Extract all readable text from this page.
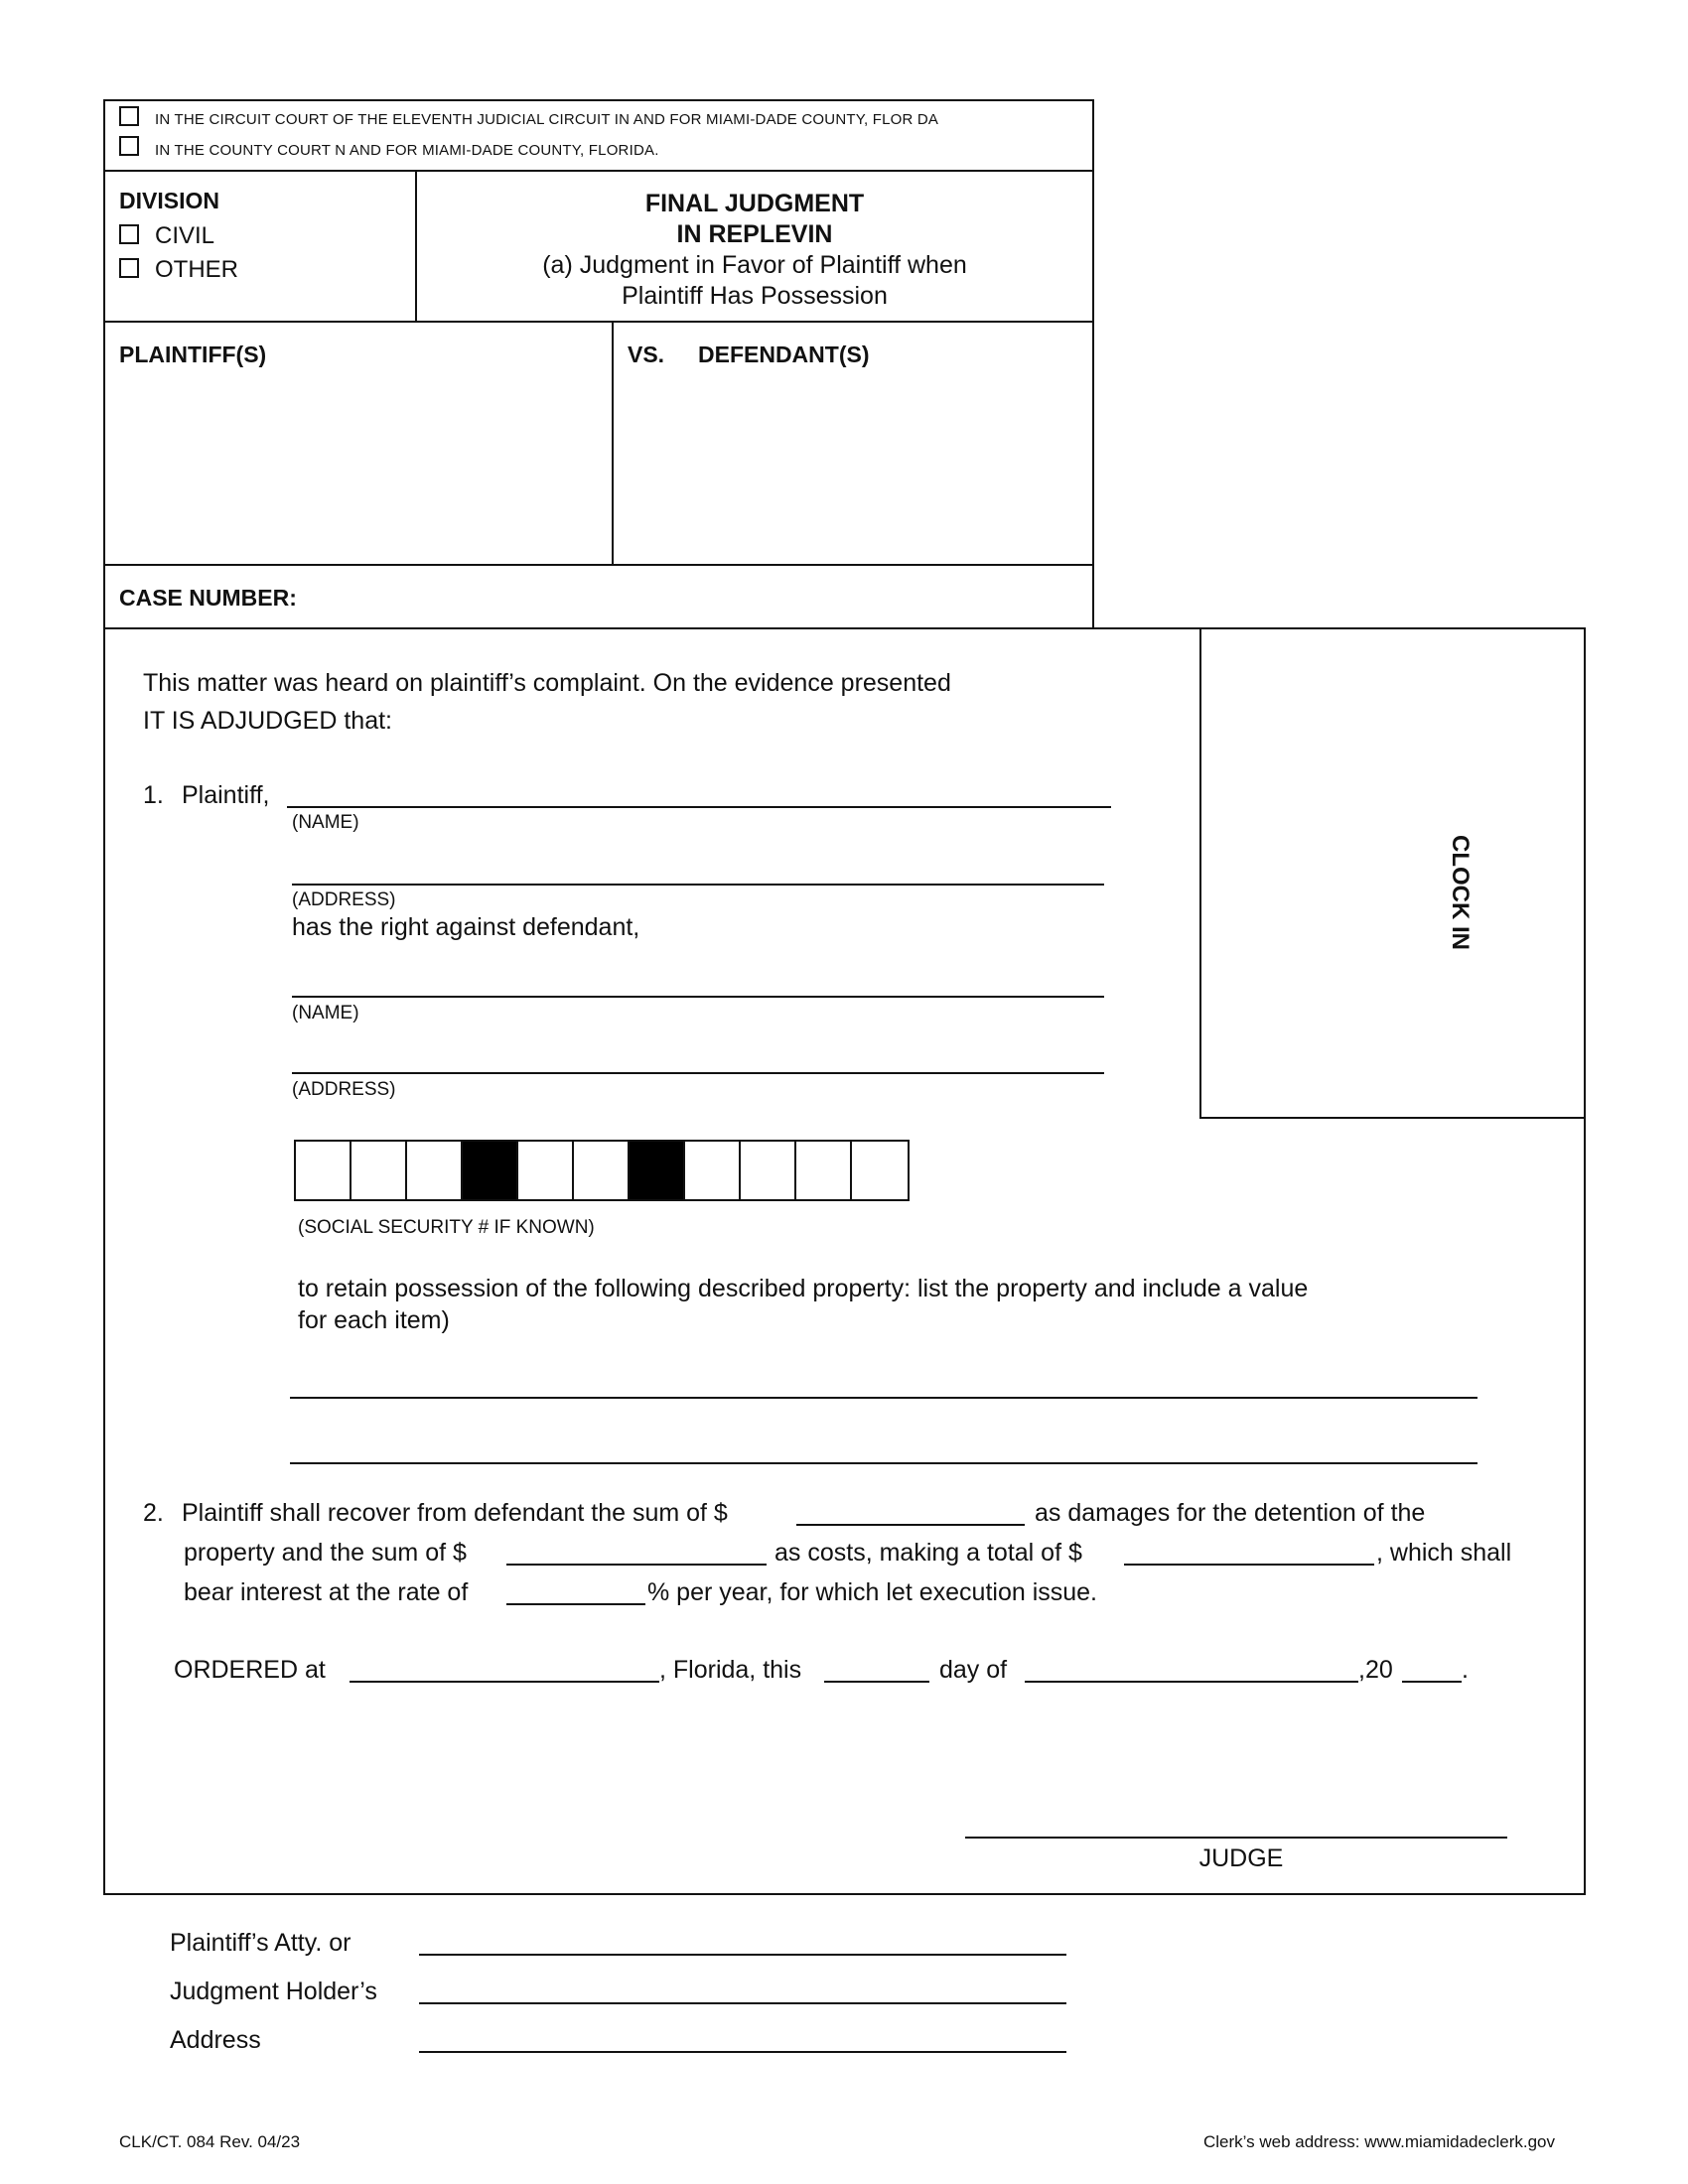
IN THE CIRCUIT COURT OF THE ELEVENTH JUDICIAL CIRCUIT IN AND FOR MIAMI-DADE COUNTY, FLOR DA
IN THE COUNTY COURT N AND FOR MIAMI-DADE COUNTY, FLORIDA.
DIVISION
CIVIL
OTHER
FINAL JUDGMENT
IN REPLEVIN
(a) Judgment in Favor of Plaintiff when
Plaintiff Has Possession
PLAINTIFF(S)	VS. DEFENDANT(S)
CASE NUMBER:
CLOCK IN
This matter was heard on plaintiff’s complaint. On the evidence presented
IT IS ADJUDGED that:
1. Plaintiff,
(NAME)
(ADDRESS)
has the right against defendant,
(NAME)
(ADDRESS)
(SOCIAL SECURITY # IF KNOWN)
to retain possession of the following described property: list the property and include a value
for each item)
2. Plaintiff shall recover from defendant the sum of $	as damages for the detention of the
property and the sum of $	as costs, making a total of $	, which shall
bear interest at the rate of	% per year, for which let execution issue.
ORDERED at	, Florida, this	day of	,20	.
JUDGE
Plaintiff’s Atty. or
Judgment Holder’s
Address
CLK/CT. 084 Rev. 04/23	Clerk’s web address: www.miamidadeclerk.gov
